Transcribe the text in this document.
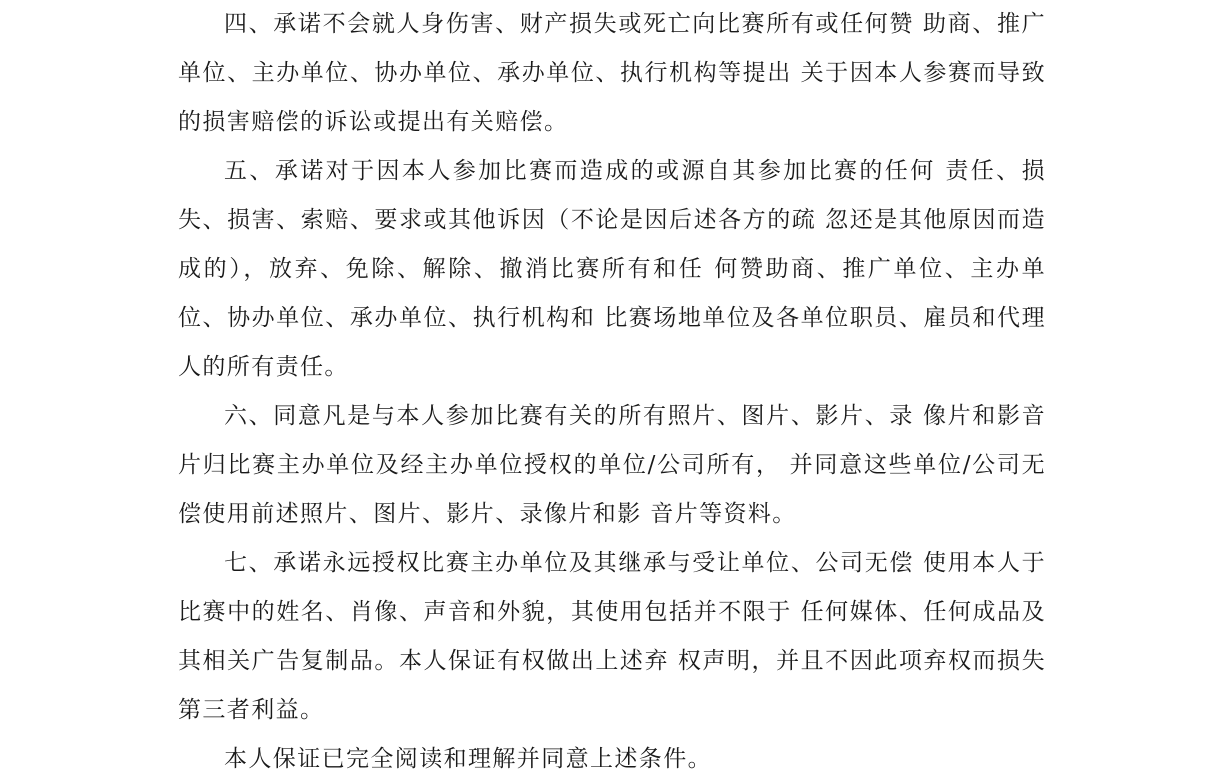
四、承诺不会就人身伤害、财产损失或死亡向比赛所有或任何赞 助商、推广单位、主办单位、协办单位、承办单位、执行机构等提出 关于因本人参赛而导致的损害赔偿的诉讼或提出有关赔偿。

五、承诺对于因本人参加比赛而造成的或源自其参加比赛的任何 责任、损失、损害、索赔、要求或其他诉因（不论是因后述各方的疏 忽还是其他原因而造成的），放弃、免除、解除、撤消比赛所有和任 何赞助商、推广单位、主办单位、协办单位、承办单位、执行机构和 比赛场地单位及各单位职员、雇员和代理人的所有责任。

六、同意凡是与本人参加比赛有关的所有照片、图片、影片、录 像片和影音片归比赛主办单位及经主办单位授权的单位/公司所有， 并同意这些单位/公司无偿使用前述照片、图片、影片、录像片和影 音片等资料。

七、承诺永远授权比赛主办单位及其继承与受让单位、公司无偿 使用本人于比赛中的姓名、肖像、声音和外貌，其使用包括并不限于 任何媒体、任何成品及其相关广告复制品。本人保证有权做出上述弃 权声明，并且不因此项弃权而损失第三者利益。

本人保证已完全阅读和理解并同意上述条件。
